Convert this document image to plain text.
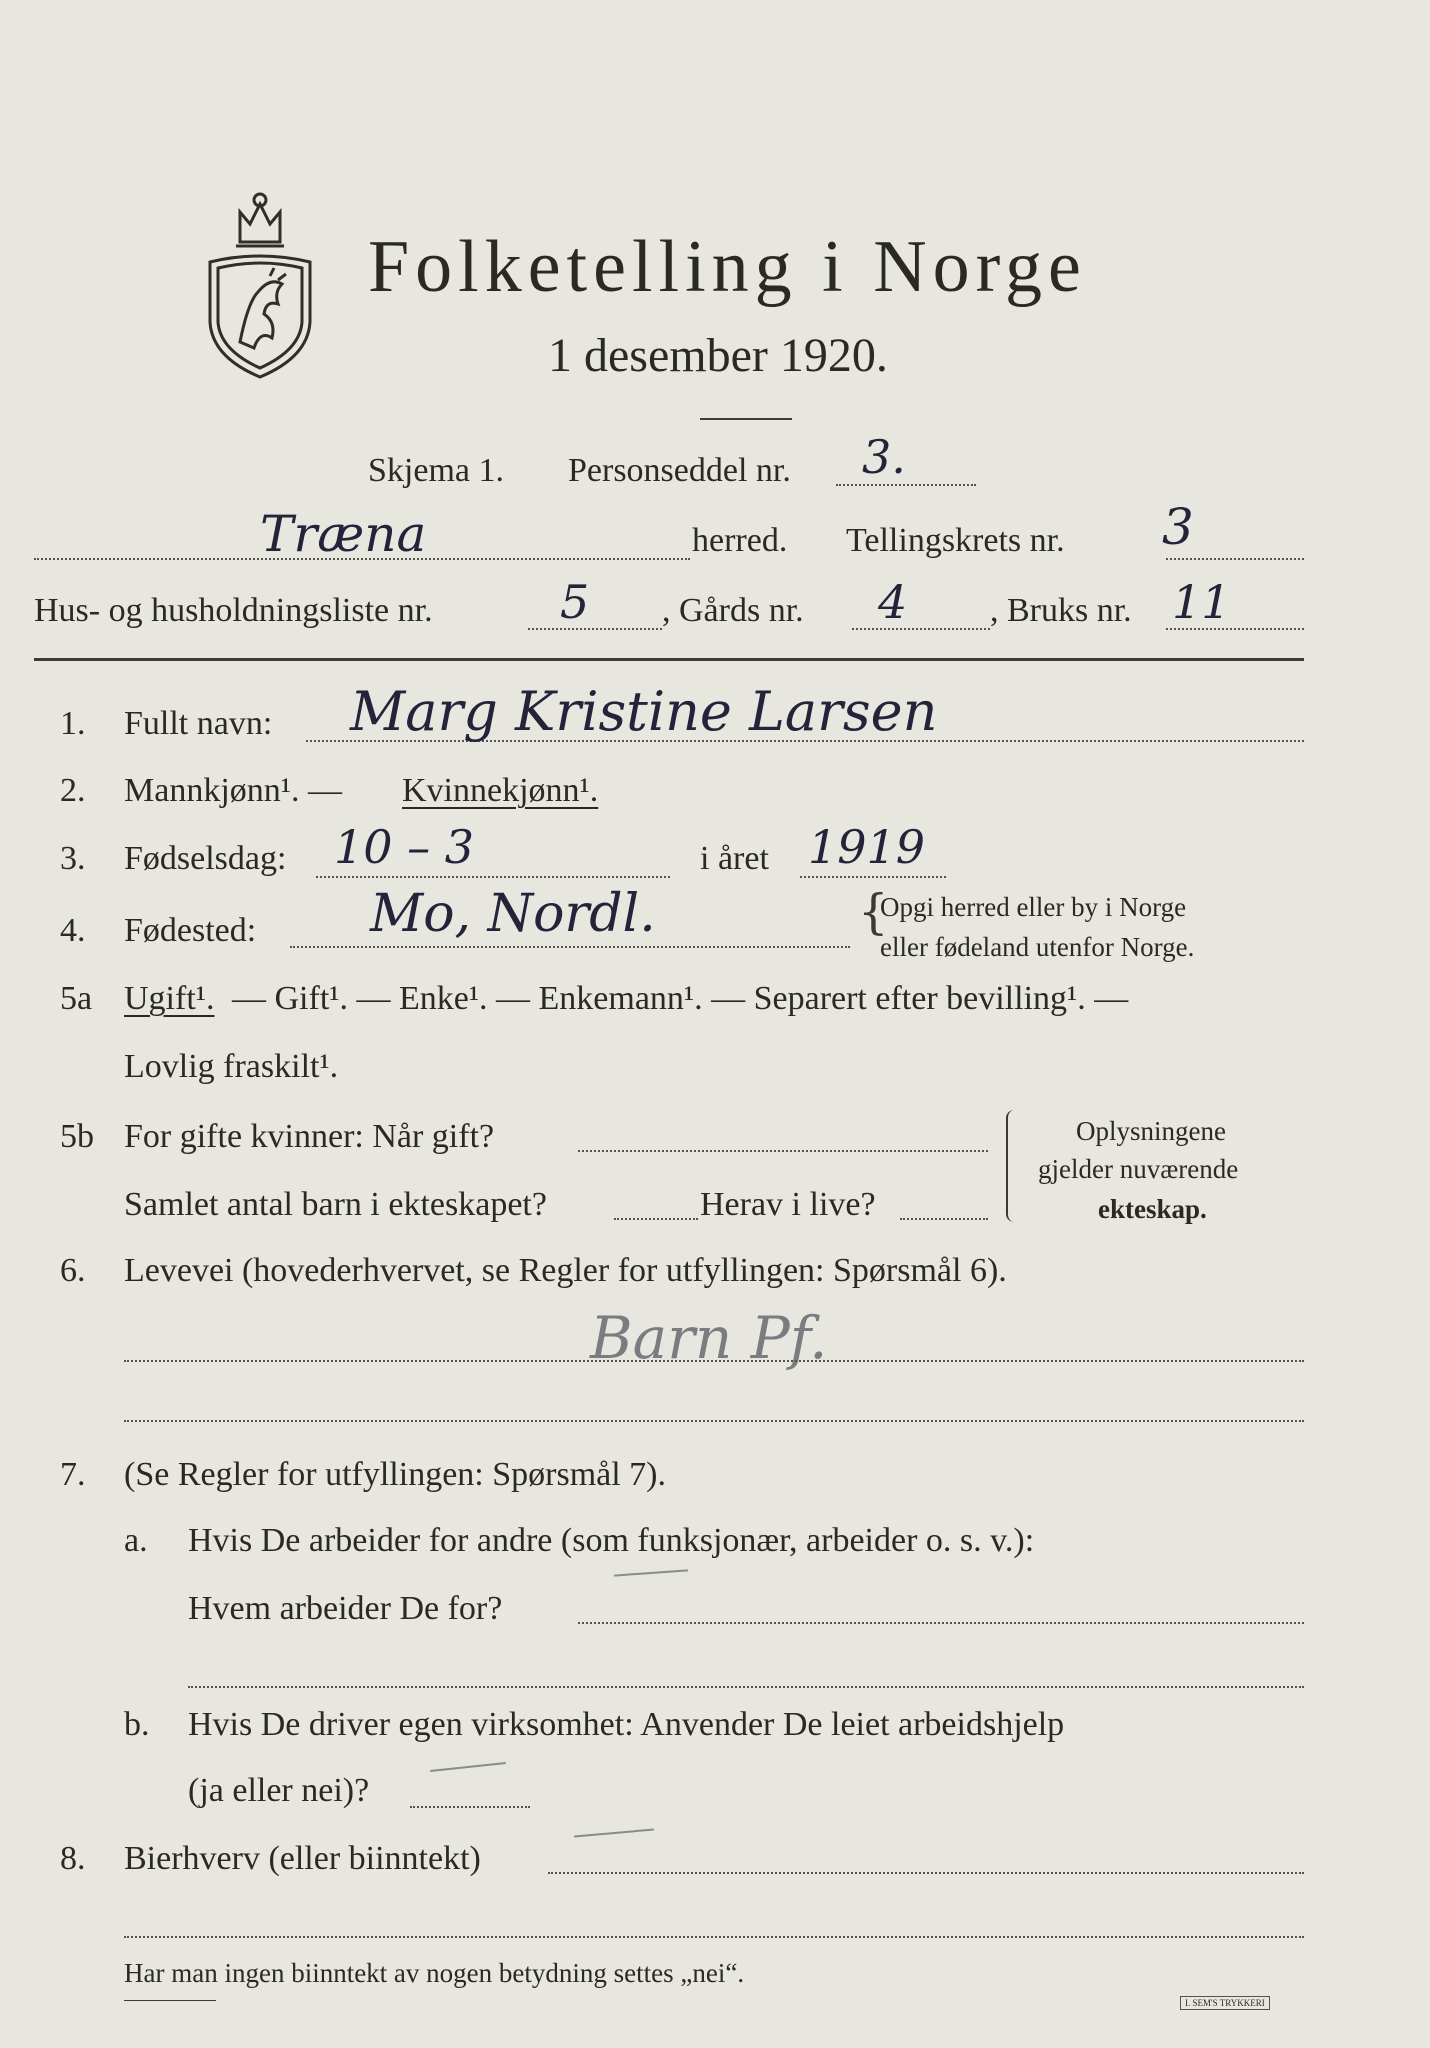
Folketelling i Norge
1 desember 1920.
Skjema 1. Personseddel nr. 3.
Træna	herred. Tellingskrets nr. 3
Hus- og husholdningsliste nr.	5 , Gårds nr. 4 , Bruks nr. 11
1. Fullt navn: Marg Kristine Larsen
2. Mannkjønn¹. — Kvinnekjønn¹.
3. Fødselsdag: 10 – 3	i året 1919
4. Fødested: Mo, Nordl.	{
Opgi herred eller by i Norge
eller fødeland utenfor Norge.
5a Ugift¹. — Gift¹. — Enke¹. — Enkemann¹. — Separert efter bevilling¹. —
Lovlig fraskilt¹.
5b For gifte kvinner: Når gift?
Samlet antal barn i ekteskapet?	Herav i live?
Oplysningene
gjelder nuværende
ekteskap.
6. Levevei (hovederhvervet, se Regler for utfyllingen: Spørsmål 6).
Barn Pf.
7. (Se Regler for utfyllingen: Spørsmål 7).
a. Hvis De arbeider for andre (som funksjonær, arbeider o. s. v.):
Hvem arbeider De for?
b. Hvis De driver egen virksomhet: Anvender De leiet arbeidshjelp
(ja eller nei)?
8. Bierhverv (eller biinntekt)
Har man ingen biinntekt av nogen betydning settes „nei“.
I. SEM'S TRYKKERI
